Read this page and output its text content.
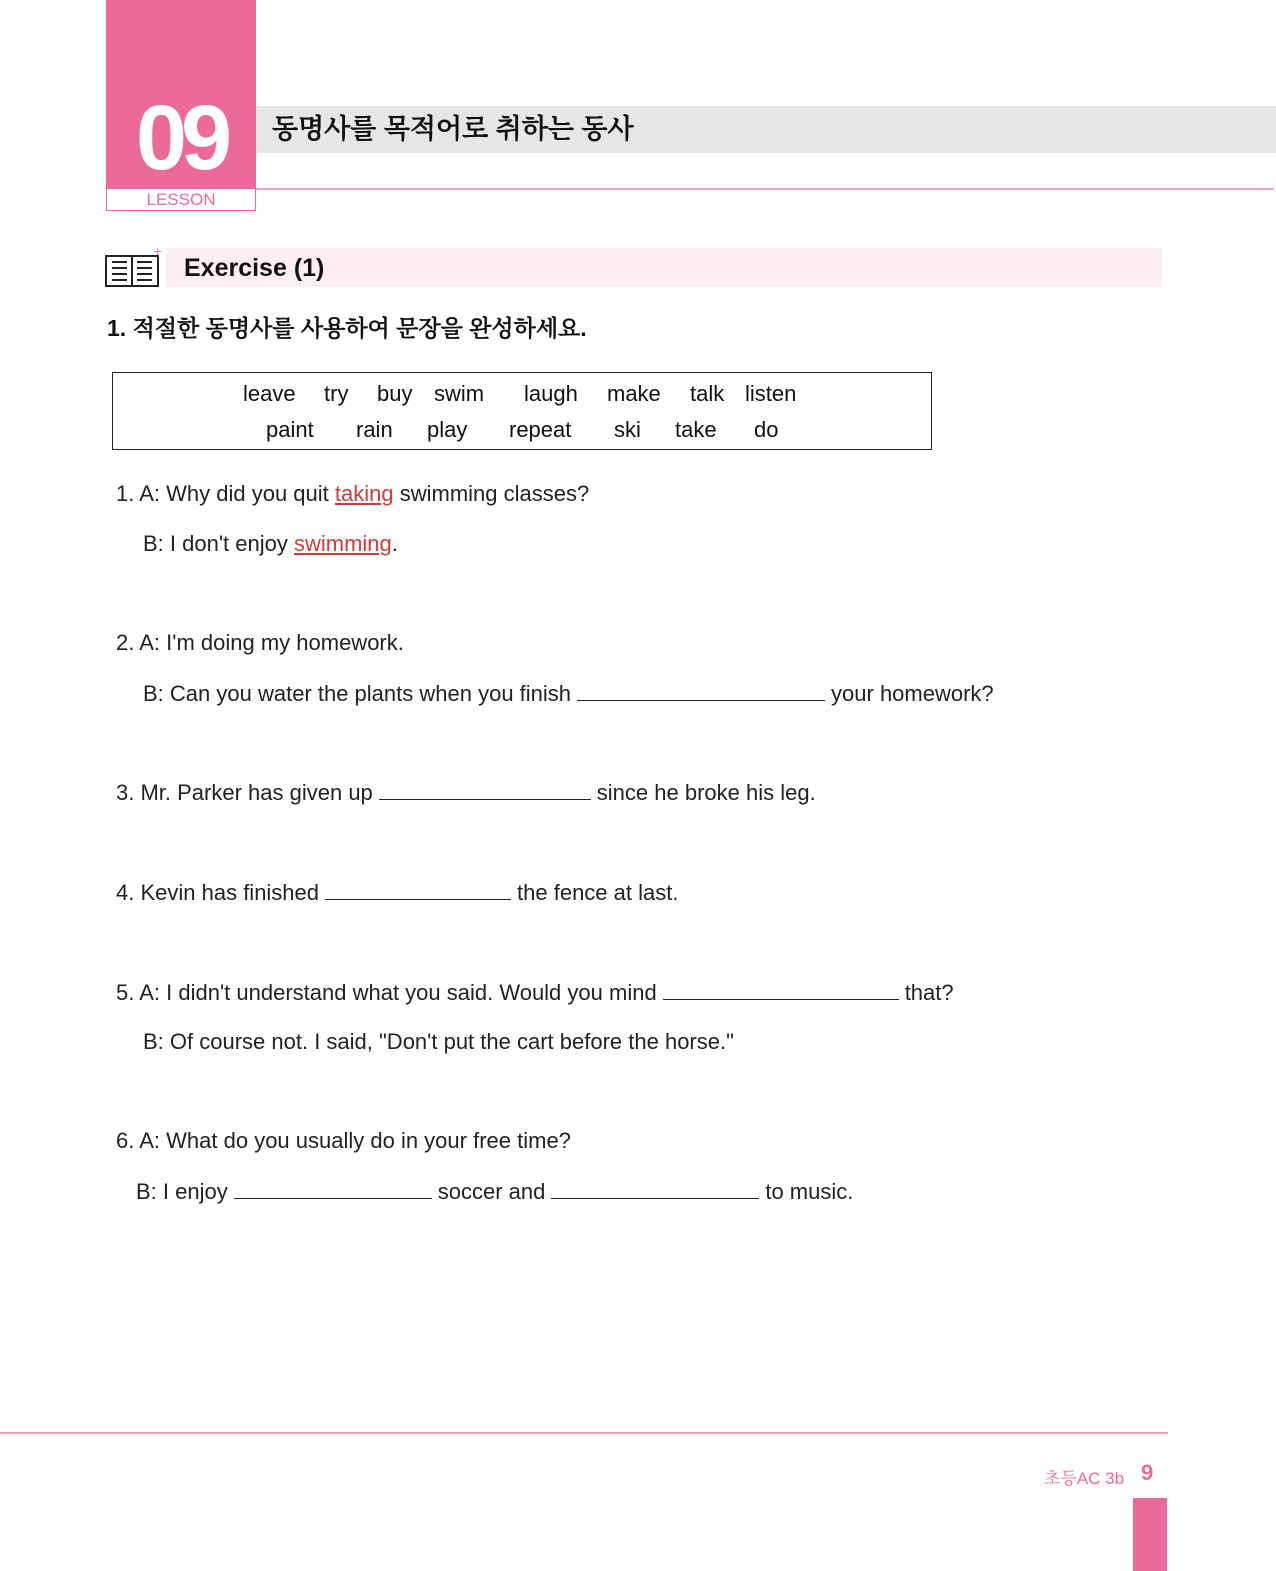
09
LESSON
동명사를 목적어로 취하는 동사
+
Exercise (1)
1. 적절한 동명사를 사용하여 문장을 완성하세요.
leave try buy swim laugh make talk listen
paint rain play repeat ski take do
1. A: Why did you quit taking swimming classes?
B: I don't enjoy swimming.
2. A: I'm doing my homework.
B: Can you water the plants when you finish	your homework?
3. Mr. Parker has given up	since he broke his leg.
4. Kevin has finished	the fence at last.
5. A: I didn't understand what you said. Would you mind	that?
B: Of course not. I said, "Don't put the cart before the horse."
6. A: What do you usually do in your free time?
B: I enjoy	soccer and	to music.
초등AC 3b 9
